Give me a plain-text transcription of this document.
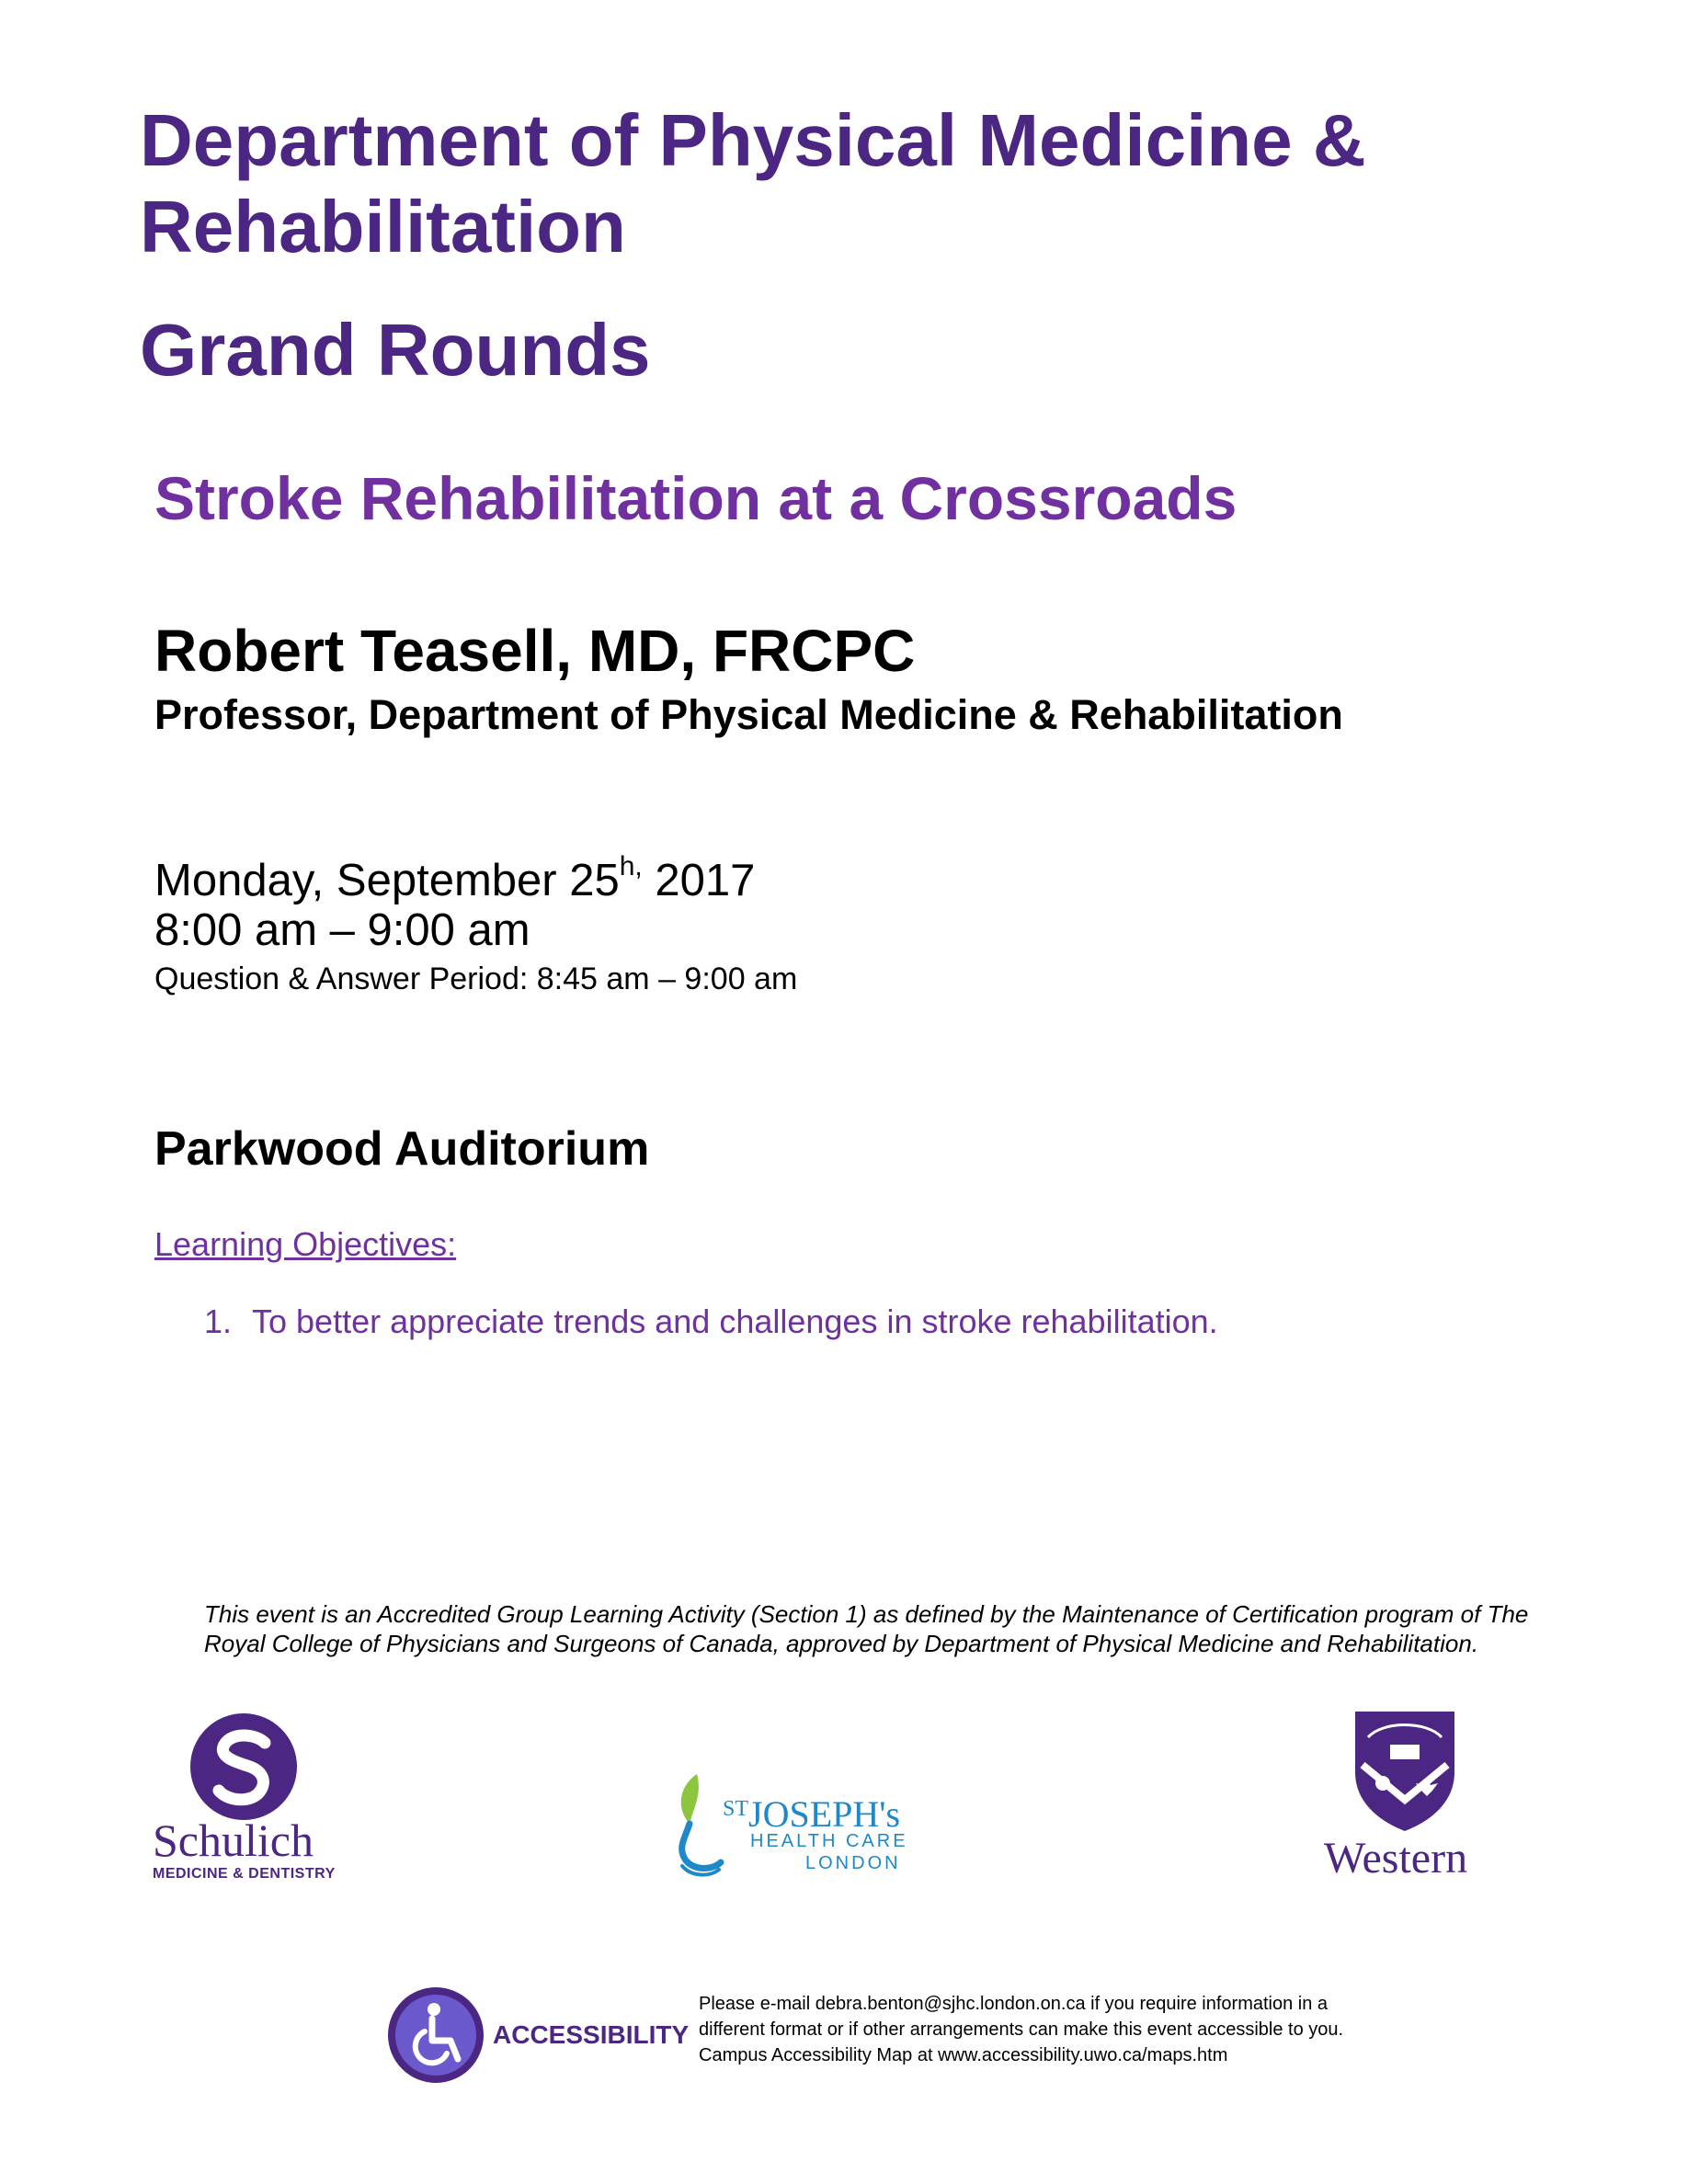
Department of Physical Medicine & Rehabilitation
Grand Rounds
Stroke Rehabilitation at a Crossroads
Robert Teasell, MD, FRCPC
Professor, Department of Physical Medicine & Rehabilitation
Monday, September $25^{h,}$ 2017
8:00 am – 9:00 am
Question & Answer Period: 8:45 am – 9:00 am
Parkwood Auditorium
Learning Objectives:
1. To better appreciate trends and challenges in stroke rehabilitation.
This event is an Accredited Group Learning Activity (Section 1) as defined by the Maintenance of Certification program of The Royal College of Physicians and Surgeons of Canada, approved by Department of Physical Medicine and Rehabilitation.
Schulich
MEDICINE & DENTISTRY
$^{ST}$JOSEPH's
HEALTH CARE
LONDON	Western
ACCESSIBILITY
Please e-mail debra.benton@sjhc.london.on.ca if you require information in a
different format or if other arrangements can make this event accessible to you.
Campus Accessibility Map at www.accessibility.uwo.ca/maps.htm
